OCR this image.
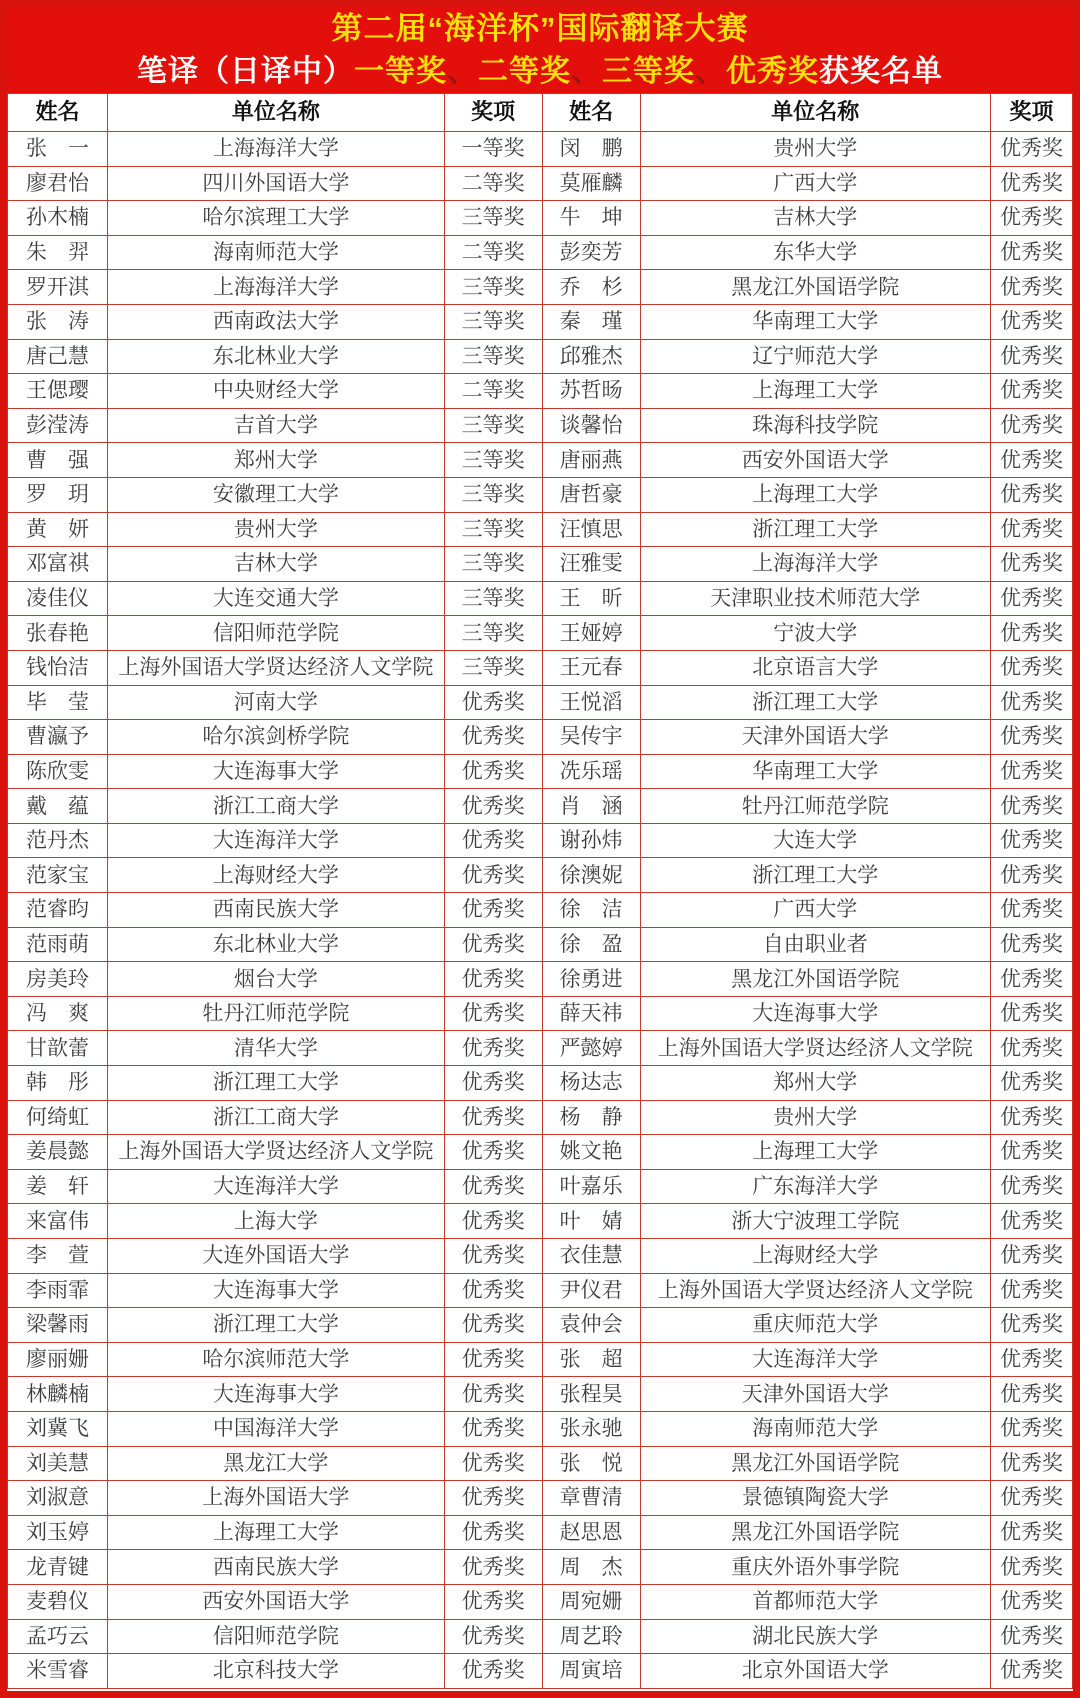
第二届“海洋杯”国际翻译大赛
笔译（日译中）一等奖、二等奖、三等奖、优秀奖获奖名单
姓名	单位名称	奖项	姓名	单位名称	奖项
张　一	上海海洋大学	一等奖	闵　鹏	贵州大学	优秀奖
廖君怡	四川外国语大学	二等奖	莫雁麟	广西大学	优秀奖
孙木楠	哈尔滨理工大学	三等奖	牛　坤	吉林大学	优秀奖
朱　羿	海南师范大学	二等奖	彭奕芳	东华大学	优秀奖
罗开淇	上海海洋大学	三等奖	乔　杉	黑龙江外国语学院	优秀奖
张　涛	西南政法大学	三等奖	秦　瑾	华南理工大学	优秀奖
唐己慧	东北林业大学	三等奖	邱雅杰	辽宁师范大学	优秀奖
王偲璎	中央财经大学	二等奖	苏哲旸	上海理工大学	优秀奖
彭滢涛	吉首大学	三等奖	谈馨怡	珠海科技学院	优秀奖
曹　强	郑州大学	三等奖	唐丽燕	西安外国语大学	优秀奖
罗　玥	安徽理工大学	三等奖	唐哲豪	上海理工大学	优秀奖
黄　妍	贵州大学	三等奖	汪慎思	浙江理工大学	优秀奖
邓富祺	吉林大学	三等奖	汪雅雯	上海海洋大学	优秀奖
凌佳仪	大连交通大学	三等奖	王　昕	天津职业技术师范大学	优秀奖
张春艳	信阳师范学院	三等奖	王娅婷	宁波大学	优秀奖
钱怡洁	上海外国语大学贤达经济人文学院	三等奖	王元春	北京语言大学	优秀奖
毕　莹	河南大学	优秀奖	王悦滔	浙江理工大学	优秀奖
曹瀛予	哈尔滨剑桥学院	优秀奖	吴传宇	天津外国语大学	优秀奖
陈欣雯	大连海事大学	优秀奖	冼乐瑶	华南理工大学	优秀奖
戴　蕴	浙江工商大学	优秀奖	肖　涵	牡丹江师范学院	优秀奖
范丹杰	大连海洋大学	优秀奖	谢孙炜	大连大学	优秀奖
范家宝	上海财经大学	优秀奖	徐澳妮	浙江理工大学	优秀奖
范睿昀	西南民族大学	优秀奖	徐　洁	广西大学	优秀奖
范雨萌	东北林业大学	优秀奖	徐　盈	自由职业者	优秀奖
房美玲	烟台大学	优秀奖	徐勇进	黑龙江外国语学院	优秀奖
冯　爽	牡丹江师范学院	优秀奖	薛天祎	大连海事大学	优秀奖
甘歆蕾	清华大学	优秀奖	严懿婷	上海外国语大学贤达经济人文学院	优秀奖
韩　彤	浙江理工大学	优秀奖	杨达志	郑州大学	优秀奖
何绮虹	浙江工商大学	优秀奖	杨　静	贵州大学	优秀奖
姜晨懿	上海外国语大学贤达经济人文学院	优秀奖	姚文艳	上海理工大学	优秀奖
姜　轩	大连海洋大学	优秀奖	叶嘉乐	广东海洋大学	优秀奖
来富伟	上海大学	优秀奖	叶　婧	浙大宁波理工学院	优秀奖
李　萱	大连外国语大学	优秀奖	衣佳慧	上海财经大学	优秀奖
李雨霏	大连海事大学	优秀奖	尹仪君	上海外国语大学贤达经济人文学院	优秀奖
梁馨雨	浙江理工大学	优秀奖	袁仲会	重庆师范大学	优秀奖
廖丽姗	哈尔滨师范大学	优秀奖	张　超	大连海洋大学	优秀奖
林麟楠	大连海事大学	优秀奖	张程昊	天津外国语大学	优秀奖
刘冀飞	中国海洋大学	优秀奖	张永驰	海南师范大学	优秀奖
刘美慧	黑龙江大学	优秀奖	张　悦	黑龙江外国语学院	优秀奖
刘淑意	上海外国语大学	优秀奖	章曹清	景德镇陶瓷大学	优秀奖
刘玉婷	上海理工大学	优秀奖	赵思恩	黑龙江外国语学院	优秀奖
龙青键	西南民族大学	优秀奖	周　杰	重庆外语外事学院	优秀奖
麦碧仪	西安外国语大学	优秀奖	周宛姗	首都师范大学	优秀奖
孟巧云	信阳师范学院	优秀奖	周艺聆	湖北民族大学	优秀奖
米雪睿	北京科技大学	优秀奖	周寅培	北京外国语大学	优秀奖
